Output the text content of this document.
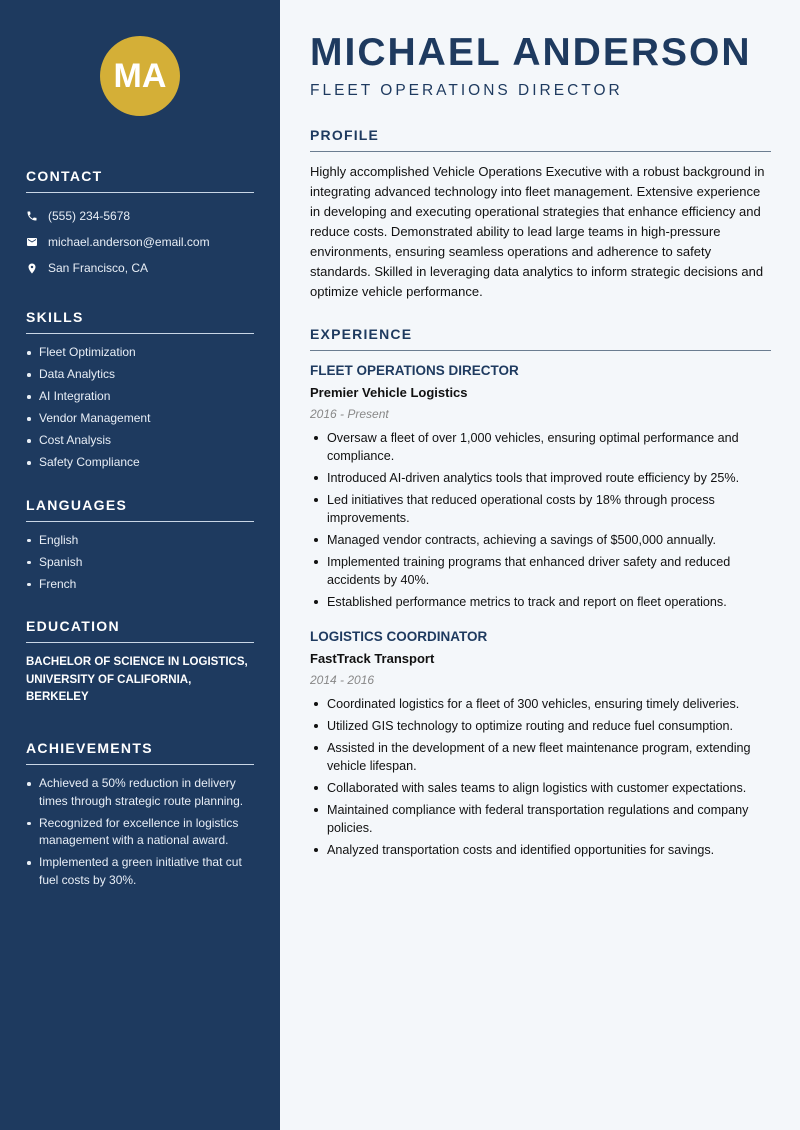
MA
CONTACT
(555) 234-5678
michael.anderson@email.com
San Francisco, CA
SKILLS
Fleet Optimization
Data Analytics
AI Integration
Vendor Management
Cost Analysis
Safety Compliance
LANGUAGES
English
Spanish
French
EDUCATION
BACHELOR OF SCIENCE IN LOGISTICS,
UNIVERSITY OF CALIFORNIA, BERKELEY
ACHIEVEMENTS
Achieved a 50% reduction in delivery times through strategic route planning.
Recognized for excellence in logistics management with a national award.
Implemented a green initiative that cut fuel costs by 30%.
MICHAEL ANDERSON
FLEET OPERATIONS DIRECTOR
PROFILE

Highly accomplished Vehicle Operations Executive with a robust background in integrating advanced technology into fleet management. Extensive experience in developing and executing operational strategies that enhance efficiency and reduce costs. Demonstrated ability to lead large teams in high-pressure environments, ensuring seamless operations and adherence to safety standards. Skilled in leveraging data analytics to inform strategic decisions and optimize vehicle performance.

EXPERIENCE
FLEET OPERATIONS DIRECTOR
Premier Vehicle Logistics
2016 - Present
Oversaw a fleet of over 1,000 vehicles, ensuring optimal performance and compliance.
Introduced AI-driven analytics tools that improved route efficiency by 25%.
Led initiatives that reduced operational costs by 18% through process improvements.
Managed vendor contracts, achieving a savings of $500,000 annually.
Implemented training programs that enhanced driver safety and reduced accidents by 40%.
Established performance metrics to track and report on fleet operations.
LOGISTICS COORDINATOR
FastTrack Transport
2014 - 2016
Coordinated logistics for a fleet of 300 vehicles, ensuring timely deliveries.
Utilized GIS technology to optimize routing and reduce fuel consumption.
Assisted in the development of a new fleet maintenance program, extending vehicle lifespan.
Collaborated with sales teams to align logistics with customer expectations.
Maintained compliance with federal transportation regulations and company policies.
Analyzed transportation costs and identified opportunities for savings.
